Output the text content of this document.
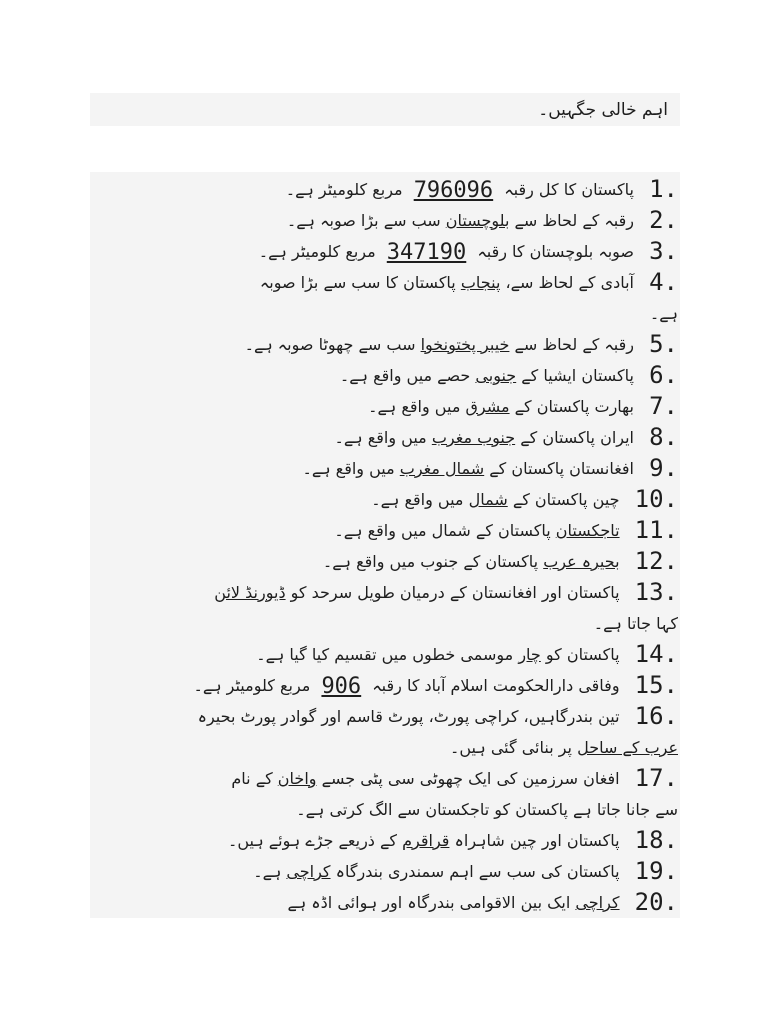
اہم خالی جگہیں۔
.1 پاکستان کا کل رقبہ 796096 مربع کلومیٹر ہے۔
.2 رقبہ کے لحاظ سے بلوچستان سب سے بڑا صوبہ ہے۔
.3 صوبہ بلوچستان کا رقبہ 347190 مربع کلومیٹر ہے۔
.4 آبادی کے لحاظ سے، پنجاب پاکستان کا سب سے بڑا صوبہ
ہے۔
.5 رقبہ کے لحاظ سے خیبر پختونخوا سب سے چھوٹا صوبہ ہے۔
.6 پاکستان ایشیا کے جنوبی حصے میں واقع ہے۔
.7 بھارت پاکستان کے مشرق میں واقع ہے۔
.8 ایران پاکستان کے جنوب مغرب میں واقع ہے۔
.9 افغانستان پاکستان کے شمال مغرب میں واقع ہے۔
.10 چین پاکستان کے شمال میں واقع ہے۔
.11 تاجکستان پاکستان کے شمال میں واقع ہے۔
.12 بحیرہ عرب پاکستان کے جنوب میں واقع ہے۔
.13 پاکستان اور افغانستان کے درمیان طویل سرحد کو ڈیورنڈ لائن
کہا جاتا ہے۔
.14 پاکستان کو چار موسمی خطوں میں تقسیم کیا گیا ہے۔
.15 وفاقی دارالحکومت اسلام آباد کا رقبہ 906 مربع کلومیٹر ہے۔
.16 تین بندرگاہیں، کراچی پورٹ، پورٹ قاسم اور گوادر پورٹ بحیرہ
عرب کے ساحل پر بنائی گئی ہیں۔
.17 افغان سرزمین کی ایک چھوٹی سی پٹی جسے واخان کے نام
سے جانا جاتا ہے پاکستان کو تاجکستان سے الگ کرتی ہے۔
.18 پاکستان اور چین شاہراہ قراقرم کے ذریعے جڑے ہوئے ہیں۔
.19 پاکستان کی سب سے اہم سمندری بندرگاہ کراچی ہے۔
.20 کراچی ایک بین الاقوامی بندرگاہ اور ہوائی اڈہ ہے
